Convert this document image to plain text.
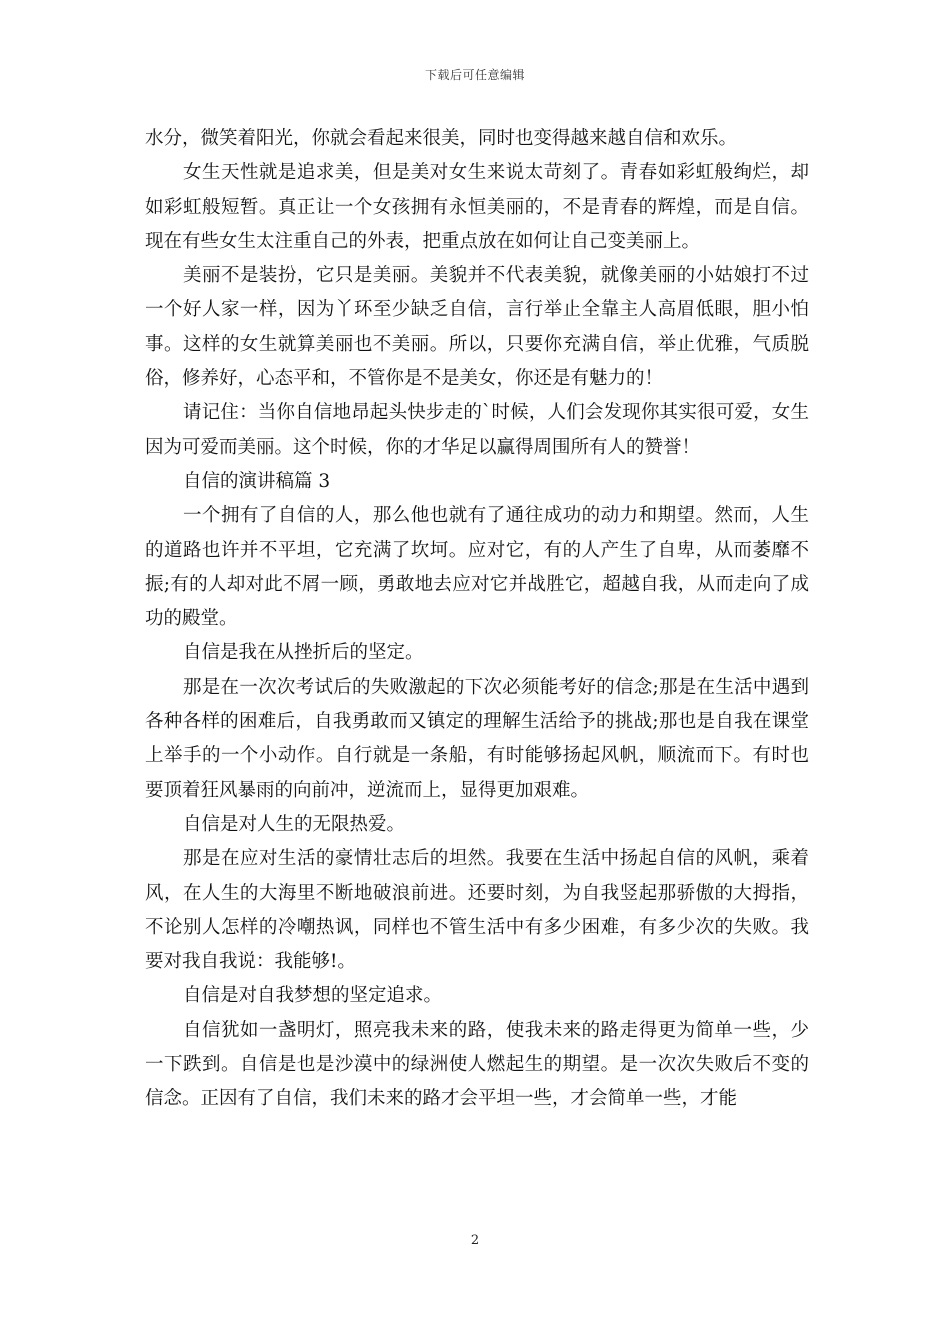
下载后可任意编辑

水分，微笑着阳光，你就会看起来很美，同时也变得越来越自信和欢乐。

女生天性就是追求美，但是美对女生来说太苛刻了。青春如彩虹般绚烂，却如彩虹般短暂。真正让一个女孩拥有永恒美丽的，不是青春的辉煌，而是自信。现在有些女生太注重自己的外表，把重点放在如何让自己变美丽上。

美丽不是装扮，它只是美丽。美貌并不代表美貌，就像美丽的小姑娘打不过一个好人家一样，因为丫环至少缺乏自信，言行举止全靠主人高眉低眼，胆小怕事。这样的女生就算美丽也不美丽。所以，只要你充满自信，举止优雅，气质脱俗，修养好，心态平和，不管你是不是美女，你还是有魅力的！

请记住：当你自信地昂起头快步走的`时候，人们会发现你其实很可爱，女生因为可爱而美丽。这个时候，你的才华足以赢得周围所有人的赞誉！

自信的演讲稿篇 3

一个拥有了自信的人，那么他也就有了通往成功的动力和期望。然而，人生的道路也许并不平坦，它充满了坎坷。应对它，有的人产生了自卑，从而萎靡不振;有的人却对此不屑一顾，勇敢地去应对它并战胜它，超越自我，从而走向了成功的殿堂。

自信是我在从挫折后的坚定。

那是在一次次考试后的失败激起的下次必须能考好的信念;那是在生活中遇到各种各样的困难后，自我勇敢而又镇定的理解生活给予的挑战;那也是自我在课堂上举手的一个小动作。自行就是一条船，有时能够扬起风帆，顺流而下。有时也要顶着狂风暴雨的向前冲，逆流而上，显得更加艰难。

自信是对人生的无限热爱。

那是在应对生活的豪情壮志后的坦然。我要在生活中扬起自信的风帆，乘着风，在人生的大海里不断地破浪前进。还要时刻，为自我竖起那骄傲的大拇指，不论别人怎样的冷嘲热讽，同样也不管生活中有多少困难，有多少次的失败。我要对我自我说：我能够!。

自信是对自我梦想的坚定追求。

自信犹如一盏明灯，照亮我未来的路，使我未来的路走得更为简单一些，少一下跌到。自信是也是沙漠中的绿洲使人燃起生的期望。是一次次失败后不变的信念。正因有了自信，我们未来的路才会平坦一些，才会简单一些，才能

2
